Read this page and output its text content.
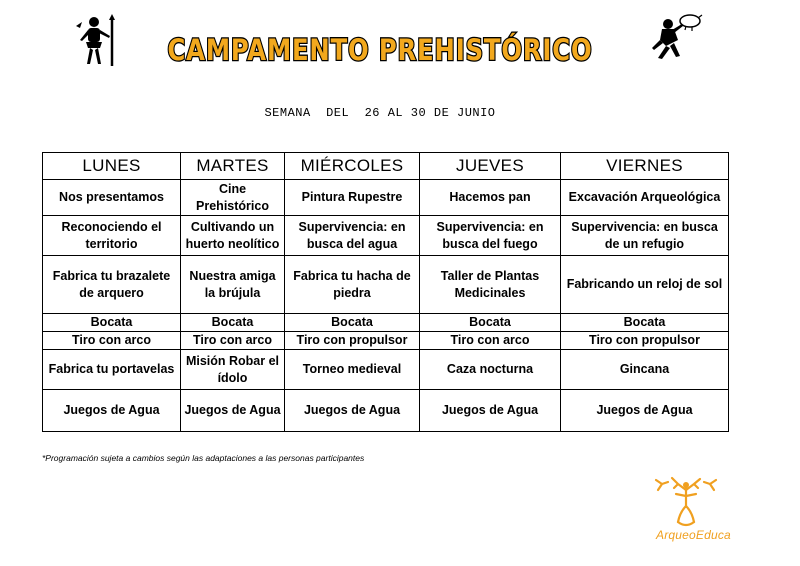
CAMPAMENTO PREHISTÓRICO
SEMANA  DEL  26 AL 30 DE JUNIO
LUNES	MARTES	MIÉRCOLES	JUEVES	VIERNES
Nos presentamos	Cine Prehistórico	Pintura Rupestre	Hacemos pan	Excavación Arqueológica
Reconociendo el territorio	Cultivando un huerto neolítico	Supervivencia: en busca del agua	Supervivencia: en busca del fuego	Supervivencia: en busca de un refugio
Fabrica tu brazalete de arquero	Nuestra amiga la brújula	Fabrica tu hacha de piedra	Taller de Plantas Medicinales	Fabricando un reloj de sol
Bocata	Bocata	Bocata	Bocata	Bocata
Tiro con arco	Tiro con arco	Tiro con propulsor	Tiro con arco	Tiro con propulsor
Fabrica tu portavelas	Misión Robar el ídolo	Torneo medieval	Caza nocturna	Gincana
Juegos de Agua	Juegos de Agua	Juegos de Agua	Juegos de Agua	Juegos de Agua
*Programación sujeta a cambios según las adaptaciones a las personas participantes
ArqueoEduca
